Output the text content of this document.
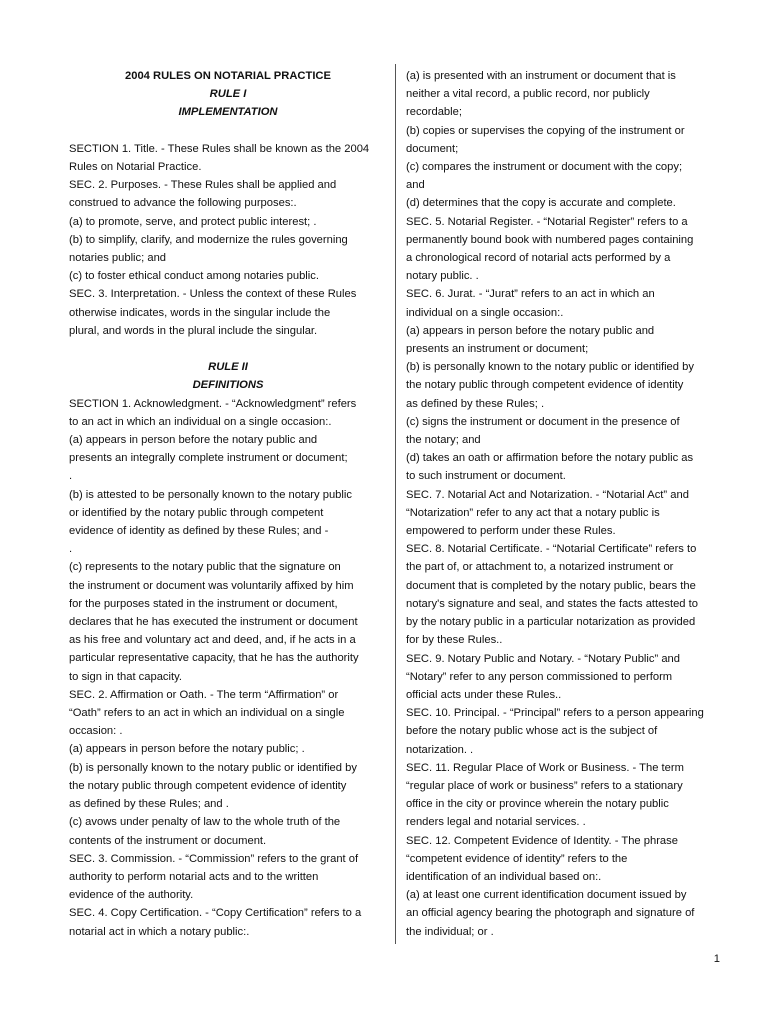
2004 RULES ON NOTARIAL PRACTICE
RULE I
IMPLEMENTATION
SECTION 1. Title. - These Rules shall be known as the 2004
Rules on Notarial Practice.
SEC. 2. Purposes. - These Rules shall be applied and
construed to advance the following purposes:.
(a) to promote, serve, and protect public interest; .
(b) to simplify, clarify, and modernize the rules governing
notaries public; and
(c) to foster ethical conduct among notaries public.
SEC. 3. Interpretation. - Unless the context of these Rules
otherwise indicates, words in the singular include the
plural, and words in the plural include the singular.
RULE II
DEFINITIONS
SECTION 1. Acknowledgment. - “Acknowledgment” refers
to an act in which an individual on a single occasion:.
(a) appears in person before the notary public and
presents an integrally complete instrument or document;
.
(b) is attested to be personally known to the notary public
or identified by the notary public through competent
evidence of identity as defined by these Rules; and -
.
(c) represents to the notary public that the signature on
the instrument or document was voluntarily affixed by him
for the purposes stated in the instrument or document,
declares that he has executed the instrument or document
as his free and voluntary act and deed, and, if he acts in a
particular representative capacity, that he has the authority
to sign in that capacity.
SEC. 2. Affirmation or Oath. - The term “Affirmation” or
“Oath” refers to an act in which an individual on a single
occasion: .
(a) appears in person before the notary public; .
(b) is personally known to the notary public or identified by
the notary public through competent evidence of identity
as defined by these Rules; and .
(c) avows under penalty of law to the whole truth of the
contents of the instrument or document.
SEC. 3. Commission. - “Commission” refers to the grant of
authority to perform notarial acts and to the written
evidence of the authority.
SEC. 4. Copy Certification. - “Copy Certification” refers to a
notarial act in which a notary public:.
(a) is presented with an instrument or document that is
neither a vital record, a public record, nor publicly
recordable;
(b) copies or supervises the copying of the instrument or
document;
(c) compares the instrument or document with the copy;
and
(d) determines that the copy is accurate and complete.
SEC. 5. Notarial Register. - “Notarial Register” refers to a
permanently bound book with numbered pages containing
a chronological record of notarial acts performed by a
notary public. .
SEC. 6. Jurat. - “Jurat” refers to an act in which an
individual on a single occasion:.
(a) appears in person before the notary public and
presents an instrument or document;
(b) is personally known to the notary public or identified by
the notary public through competent evidence of identity
as defined by these Rules; .
(c) signs the instrument or document in the presence of
the notary; and
(d) takes an oath or affirmation before the notary public as
to such instrument or document.
SEC. 7. Notarial Act and Notarization. - “Notarial Act” and
“Notarization” refer to any act that a notary public is
empowered to perform under these Rules.
SEC. 8. Notarial Certificate. - “Notarial Certificate” refers to
the part of, or attachment to, a notarized instrument or
document that is completed by the notary public, bears the
notary's signature and seal, and states the facts attested to
by the notary public in a particular notarization as provided
for by these Rules..
SEC. 9. Notary Public and Notary. - “Notary Public” and
“Notary” refer to any person commissioned to perform
official acts under these Rules..
SEC. 10. Principal. - “Principal” refers to a person appearing
before the notary public whose act is the subject of
notarization. .
SEC. 11. Regular Place of Work or Business. - The term
“regular place of work or business” refers to a stationary
office in the city or province wherein the notary public
renders legal and notarial services. .
SEC. 12. Competent Evidence of Identity. - The phrase
“competent evidence of identity” refers to the
identification of an individual based on:.
(a) at least one current identification document issued by
an official agency bearing the photograph and signature of
the individual; or .
1
